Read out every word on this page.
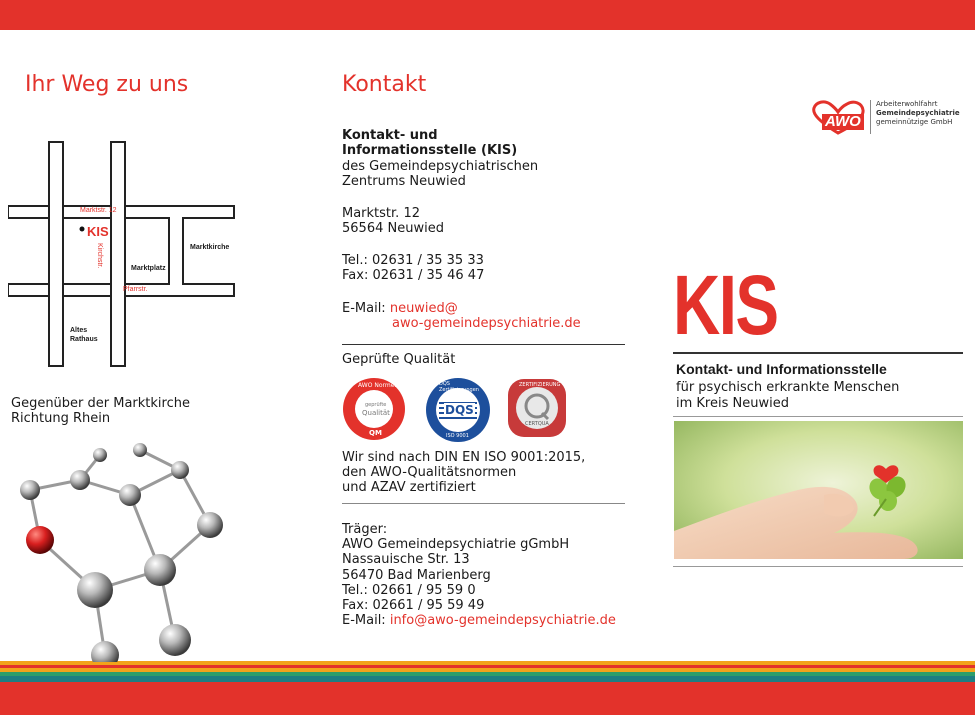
Ihr Weg zu uns
Marktstr. 12
KIS
Kirchstr.	Marktkirche
Marktplatz
Pfarrstr.
Altes
Rathaus
Gegenüber der Marktkirche
Richtung Rhein
Kontakt
Kontakt- und
Informationsstelle (KIS)
des Gemeindepsychiatrischen
Zentrums Neuwied
Marktstr. 12
56564 Neuwied
Tel.: 02631 / 35 35 33
Fax: 02631 / 35 46 47
E-Mail: neuwied@
awo-gemeindepsychiatrie.de
Geprüfte Qualität
AWO Normen
geprüfte
Qualität
QM
DQS Zertifizierungen
DQS
ISO 9001
ZERTIFIZIERUNG
CERTQUA
Wir sind nach DIN EN ISO 9001:2015,
den AWO-Qualitätsnormen
und AZAV zertifiziert
Träger:
AWO Gemeindepsychiatrie gGmbH
Nassauische Str. 13
56470 Bad Marienberg
Tel.: 02661 / 95 59 0
Fax: 02661 / 95 59 49
E-Mail: info@awo-gemeindepsychiatrie.de
AWO
Arbeiterwohlfahrt
Gemeindepsychiatrie
gemeinnützige GmbH
KIS
Kontakt- und Informationsstelle
für psychisch erkrankte Menschen
im Kreis Neuwied
